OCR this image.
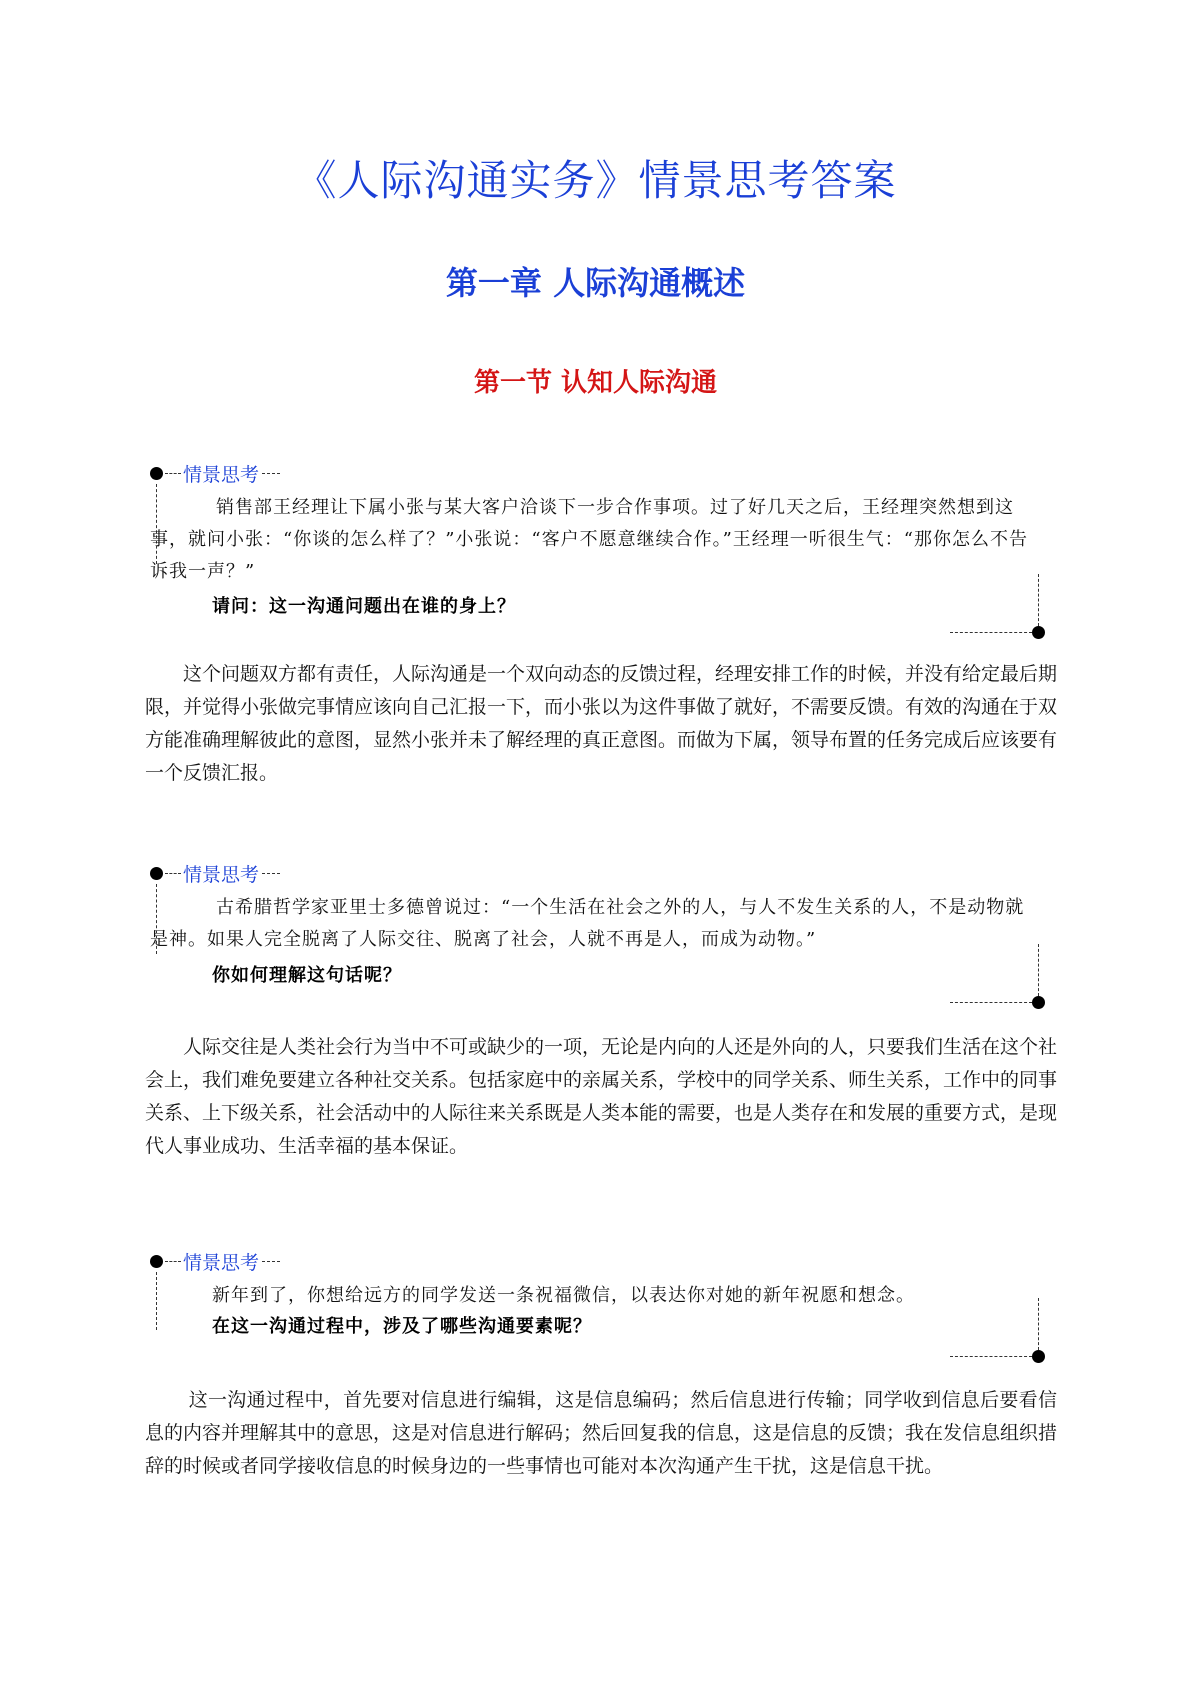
《人际沟通实务》情景思考答案
第一章 人际沟通概述
第一节 认知人际沟通
情景思考
销售部王经理让下属小张与某大客户洽谈下一步合作事项。过了好几天之后，王经理突然想到这事，就问小张：“你谈的怎么样了？”小张说：“客户不愿意继续合作。”王经理一听很生气：“那你怎么不告诉我一声？”
请问：这一沟通问题出在谁的身上？
这个问题双方都有责任，人际沟通是一个双向动态的反馈过程，经理安排工作的时候，并没有给定最后期限，并觉得小张做完事情应该向自己汇报一下，而小张以为这件事做了就好，不需要反馈。有效的沟通在于双方能准确理解彼此的意图，显然小张并未了解经理的真正意图。而做为下属，领导布置的任务完成后应该要有一个反馈汇报。
情景思考
古希腊哲学家亚里士多德曾说过：“一个生活在社会之外的人，与人不发生关系的人，不是动物就是神。如果人完全脱离了人际交往、脱离了社会，人就不再是人，而成为动物。”
你如何理解这句话呢？
人际交往是人类社会行为当中不可或缺少的一项，无论是内向的人还是外向的人，只要我们生活在这个社会上，我们难免要建立各种社交关系。包括家庭中的亲属关系，学校中的同学关系、师生关系，工作中的同事关系、上下级关系，社会活动中的人际往来关系既是人类本能的需要，也是人类存在和发展的重要方式，是现代人事业成功、生活幸福的基本保证。
情景思考
新年到了，你想给远方的同学发送一条祝福微信，以表达你对她的新年祝愿和想念。
在这一沟通过程中，涉及了哪些沟通要素呢？
这一沟通过程中，首先要对信息进行编辑，这是信息编码；然后信息进行传输；同学收到信息后要看信息的内容并理解其中的意思，这是对信息进行解码；然后回复我的信息，这是信息的反馈；我在发信息组织措辞的时候或者同学接收信息的时候身边的一些事情也可能对本次沟通产生干扰，这是信息干扰。
